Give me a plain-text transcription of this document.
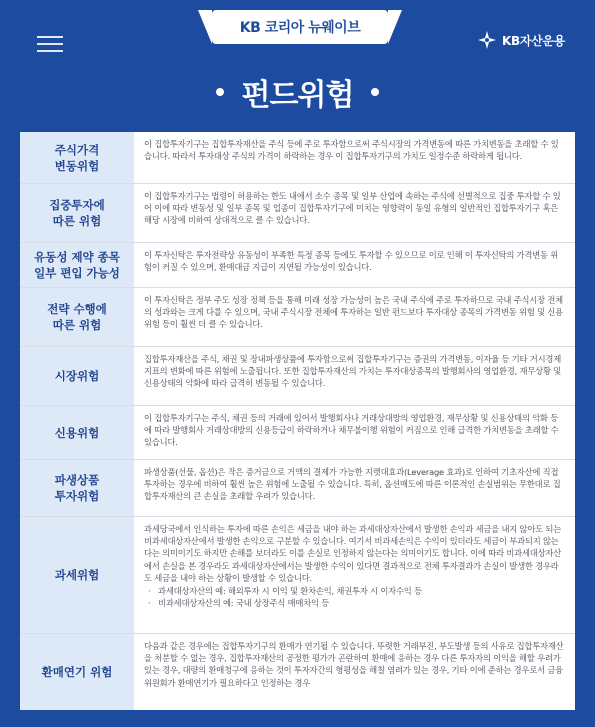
KB 코리아 뉴웨이브
KB자산운용
펀드위험
주식가격
변동위험

이 집합투자기구는 집합투자재산을 주식 등에 주로 투자함으로써 주식시장의 가격변동에 따른 가치변동을 초래할 수 있습니다. 따라서 투자대상 주식의 가격이 하락하는 경우 이 집합투자기구의 가치도 일정수준 하락하게 됩니다.

집중투자에
따른 위험

이 집합투자기구는 법령이 허용하는 한도 내에서 소수 종목 및 일부 산업에 속하는 주식에 선별적으로 집중 투자할 수 있어 이에 따라 변동성 및 일부 종목 및 업종이 집합투자기구에 미치는 영향력이 동일 유형의 일반적인 집합투자기구 혹은 해당 시장에 비하여 상대적으로 클 수 있습니다.

유동성 제약 종목
일부 편입 가능성

이 투자신탁은 투자전략상 유동성이 부족한 특정 종목 등에도 투자할 수 있으므로 이로 인해 이 투자신탁의 가격변동 위험이 커질 수 있으며, 환매대금 지급이 지연될 가능성이 있습니다.

전략 수행에
따른 위험

이 투자신탁은 정부 주도 성장 정책 등을 통해 미래 성장 가능성이 높은 국내 주식에 주로 투자하므로 국내 주식시장 전체의 성과와는 크게 다를 수 있으며, 국내 주식시장 전체에 투자하는 일반 펀드보다 투자대상 종목의 가격변동 위험 및 신용 위험 등이 훨씬 더 클 수 있습니다.

시장위험

집합투자재산을 주식, 채권 및 장내파생상품에 투자함으로써 집합투자기구는 증권의 가격변동, 이자율 등 기타 거시경제지표의 변화에 따른 위험에 노출됩니다. 또한 집합투자재산의 가치는 투자대상종목의 발행회사의 영업환경, 재무상황 및 신용상태의 악화에 따라 급격히 변동될 수 있습니다.

신용위험

이 집합투자기구는 주식, 채권 등의 거래에 있어서 발행회사나 거래상대방의 영업환경, 재무상황 및 신용상태의 악화 등에 따라 발행회사 거래상대방의 신용등급이 하락하거나 채무불이행 위험이 커짐으로 인해 급격한 가치변동을 초래할 수 있습니다.

파생상품
투자위험

파생상품(선물, 옵션)은 작은 증거금으로 거액의 결제가 가능한 지렛대효과(Leverage 효과)로 인하여 기초자산에 직접 투자하는 경우에 비하여 훨씬 높은 위험에 노출될 수 있습니다. 특히, 옵션매도에 따른 이론적인 손실범위는 무한대로 집합투자재산의 큰 손실을 초래할 우려가 있습니다.

과세위험

과세당국에서 인식하는 투자에 따른 손익은 세금을 내야 하는 과세대상자산에서 발생한 손익과 세금을 내지 않아도 되는 비과세대상자산에서 발생한 손익으로 구분할 수 있습니다. 여기서 비과세손익은 수익이 있더라도 세금이 부과되지 않는다는 의미이기도 하지만 손해를 보더라도 이를 손실로 인정하지 않는다는 의미이기도 합니다. 이에 따라 비과세대상자산에서 손실을 본 경우라도 과세대상자산에서는 발생한 수익이 있다면 결과적으로 전체 투자결과가 손실이 발생한 경우라도 세금을 내야 하는 상황이 발생할 수 있습니다.

· 과세대상자산의 예: 해외투자 시 이익 및 환차손익, 채권투자 시 이자수익 등
· 비과세대상자산의 예: 국내 상장주식 매매차익 등
환매연기 위험

다음과 같은 경우에는 집합투자기구의 환매가 연기될 수 있습니다. 뚜렷한 거래부진, 부도발생 등의 사유로 집합투자재산을 처분할 수 없는 경우, 집합투자재산의 공정한 평가가 곤란하여 환매에 응하는 경우 다른 투자자의 이익을 해할 우려가 있는 경우, 대량의 환매청구에 응하는 것이 투자자간의 형평성을 해칠 염려가 있는 경우, 기타 이에 준하는 경우로서 금융위원회가 환매연기가 필요하다고 인정하는 경우
